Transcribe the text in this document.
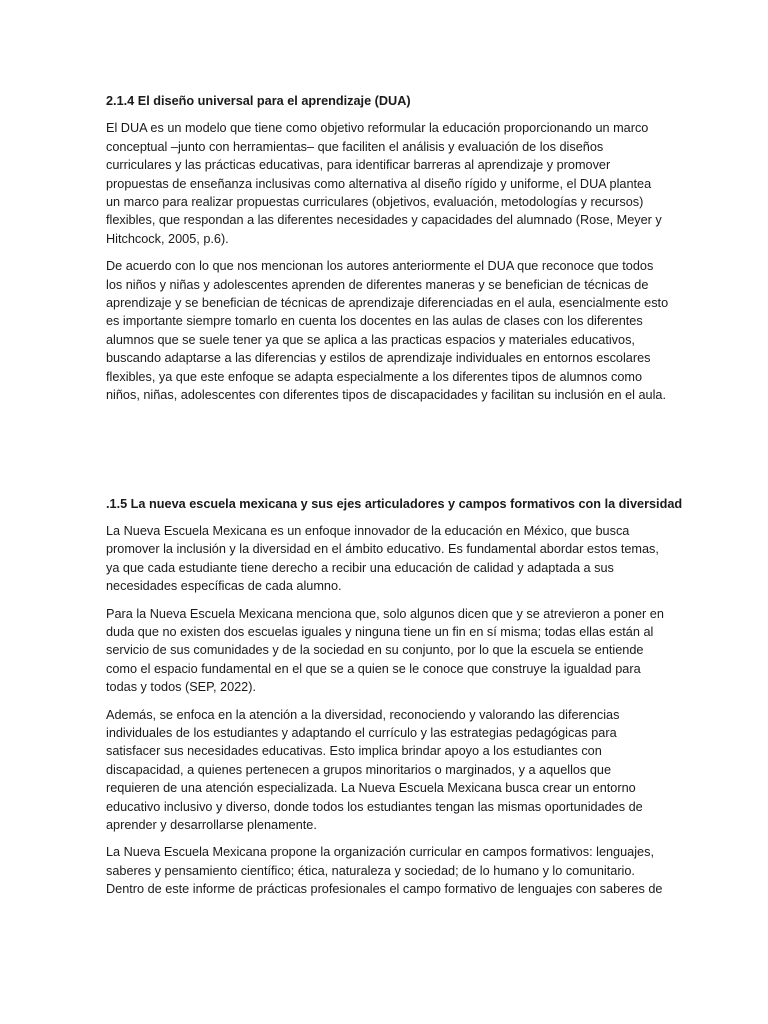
2.1.4 El diseño universal para el aprendizaje (DUA)
El DUA es un modelo que tiene como objetivo reformular la educación proporcionando un marco
conceptual –junto con herramientas– que faciliten el análisis y evaluación de los diseños
curriculares y las prácticas educativas, para identificar barreras al aprendizaje y promover
propuestas de enseñanza inclusivas como alternativa al diseño rígido y uniforme, el DUA plantea
un marco para realizar propuestas curriculares (objetivos, evaluación, metodologías y recursos)
flexibles, que respondan a las diferentes necesidades y capacidades del alumnado (Rose, Meyer y
Hitchcock, 2005, p.6).
De acuerdo con lo que nos mencionan los autores anteriormente el DUA que reconoce que todos
los niños y niñas y adolescentes aprenden de diferentes maneras y se benefician de técnicas de
aprendizaje y se benefician de técnicas de aprendizaje diferenciadas en el aula, esencialmente esto
es importante siempre tomarlo en cuenta los docentes en las aulas de clases con los diferentes
alumnos que se suele tener ya que se aplica a las practicas espacios y materiales educativos,
buscando adaptarse a las diferencias y estilos de aprendizaje individuales en entornos escolares
flexibles, ya que este enfoque se adapta especialmente a los diferentes tipos de alumnos como
niños, niñas, adolescentes con diferentes tipos de discapacidades y facilitan su inclusión en el aula.
.1.5 La nueva escuela mexicana y sus ejes articuladores y campos formativos con la diversidad
La Nueva Escuela Mexicana es un enfoque innovador de la educación en México, que busca
promover la inclusión y la diversidad en el ámbito educativo. Es fundamental abordar estos temas,
ya que cada estudiante tiene derecho a recibir una educación de calidad y adaptada a sus
necesidades específicas de cada alumno.
Para la Nueva Escuela Mexicana menciona que, solo algunos dicen que y se atrevieron a poner en
duda que no existen dos escuelas iguales y ninguna tiene un fin en sí misma; todas ellas están al
servicio de sus comunidades y de la sociedad en su conjunto, por lo que la escuela se entiende
como el espacio fundamental en el que se a quien se le conoce que construye la igualdad para
todas y todos (SEP, 2022).
Además, se enfoca en la atención a la diversidad, reconociendo y valorando las diferencias
individuales de los estudiantes y adaptando el currículo y las estrategias pedagógicas para
satisfacer sus necesidades educativas. Esto implica brindar apoyo a los estudiantes con
discapacidad, a quienes pertenecen a grupos minoritarios o marginados, y a aquellos que
requieren de una atención especializada. La Nueva Escuela Mexicana busca crear un entorno
educativo inclusivo y diverso, donde todos los estudiantes tengan las mismas oportunidades de
aprender y desarrollarse plenamente.
La Nueva Escuela Mexicana propone la organización curricular en campos formativos: lenguajes,
saberes y pensamiento científico; ética, naturaleza y sociedad; de lo humano y lo comunitario.
Dentro de este informe de prácticas profesionales el campo formativo de lenguajes con saberes de
